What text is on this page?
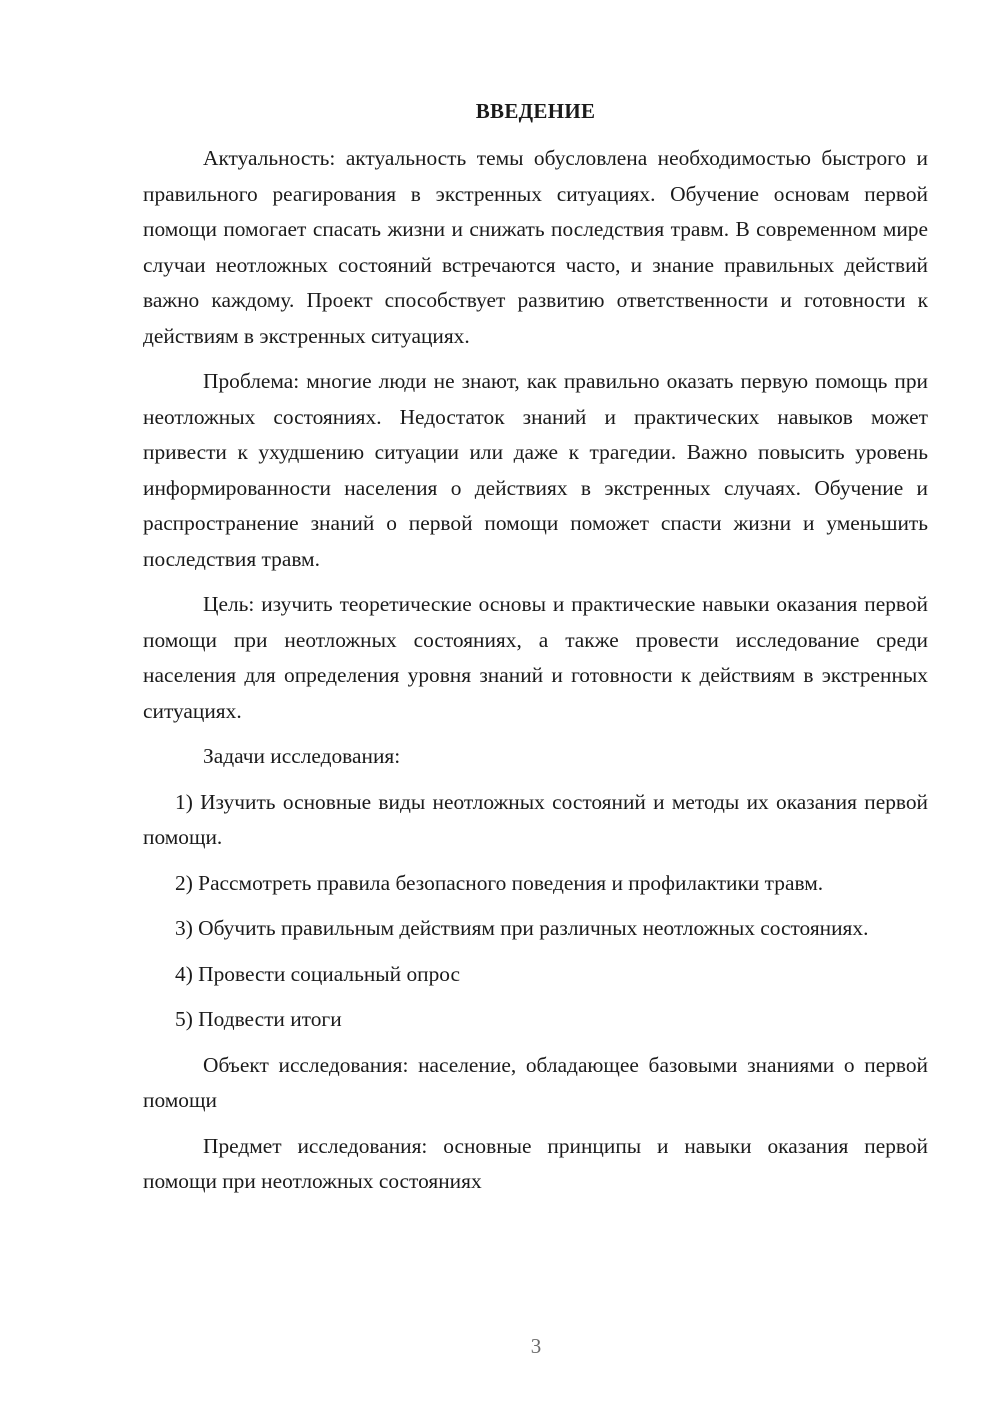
ВВЕДЕНИЕ

Актуальность: актуальность темы обусловлена необходимостью быстрого и правильного реагирования в экстренных ситуациях. Обучение основам первой помощи помогает спасать жизни и снижать последствия травм. В современном мире случаи неотложных состояний встречаются часто, и знание правильных действий важно каждому. Проект способствует развитию ответственности и готовности к действиям в экстренных ситуациях.

Проблема: многие люди не знают, как правильно оказать первую помощь при неотложных состояниях. Недостаток знаний и практических навыков может привести к ухудшению ситуации или даже к трагедии. Важно повысить уровень информированности населения о действиях в экстренных случаях. Обучение и распространение знаний о первой помощи поможет спасти жизни и уменьшить последствия травм.

Цель: изучить теоретические основы и практические навыки оказания первой помощи при неотложных состояниях, а также провести исследование среди населения для определения уровня знаний и готовности к действиям в экстренных ситуациях.

Задачи исследования:

1) Изучить основные виды неотложных состояний и методы их оказания первой помощи.

2) Рассмотреть правила безопасного поведения и профилактики травм.

3) Обучить правильным действиям при различных неотложных состояниях.

4) Провести социальный опрос

5) Подвести итоги

Объект исследования: население, обладающее базовыми знаниями о первой помощи

Предмет исследования: основные принципы и навыки оказания первой помощи при неотложных состояниях

3
